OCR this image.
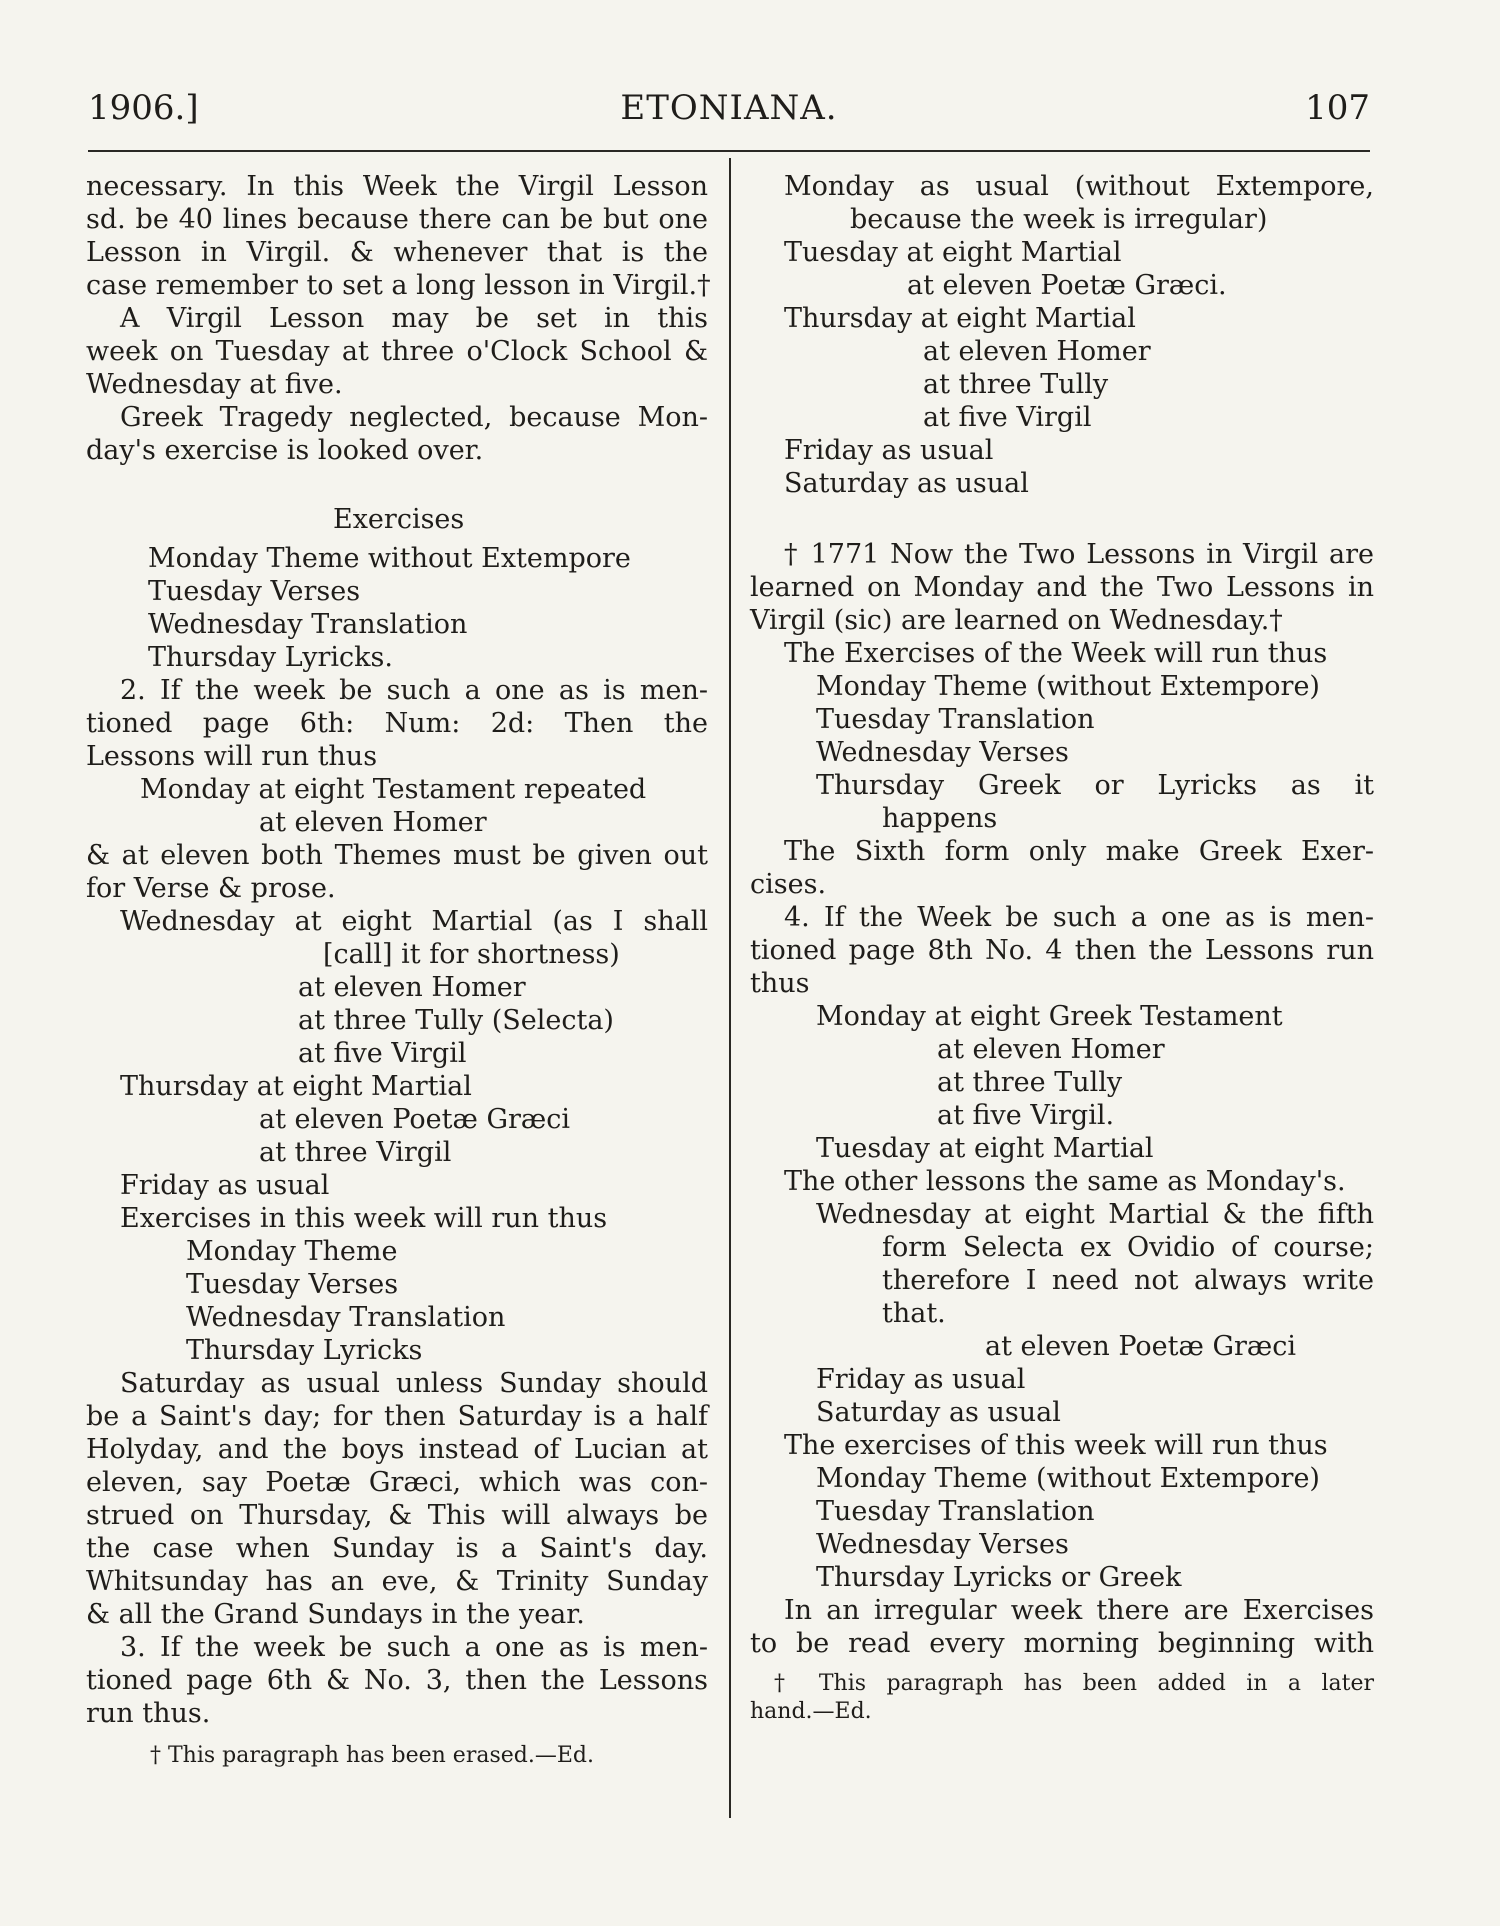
1906.]	ETONIANA.	107
necessary. In this Week the Virgil Lesson
sd. be 40 lines because there can be but one
Lesson in Virgil. & whenever that is the
case remember to set a long lesson in Virgil.†
A Virgil Lesson may be set in this
week on Tuesday at three o'Clock School &
Wednesday at five.
Greek Tragedy neglected, because Mon-
day's exercise is looked over.
Exercises
Monday Theme without Extempore
Tuesday Verses
Wednesday Translation
Thursday Lyricks.
2. If the week be such a one as is men-
tioned page 6th: Num: 2d: Then the
Lessons will run thus
Monday at eight Testament repeated
at eleven Homer
& at eleven both Themes must be given out
for Verse & prose.
Wednesday at eight Martial (as I shall
[call] it for shortness)
at eleven Homer
at three Tully (Selecta)
at five Virgil
Thursday at eight Martial
at eleven Poetæ Græci
at three Virgil
Friday as usual
Exercises in this week will run thus
Monday Theme
Tuesday Verses
Wednesday Translation
Thursday Lyricks
Saturday as usual unless Sunday should
be a Saint's day; for then Saturday is a half
Holyday, and the boys instead of Lucian at
eleven, say Poetæ Græci, which was con-
strued on Thursday, & This will always be
the case when Sunday is a Saint's day.
Whitsunday has an eve, & Trinity Sunday
& all the Grand Sundays in the year.
3. If the week be such a one as is men-
tioned page 6th & No. 3, then the Lessons
run thus.
† This paragraph has been erased.—Ed.
Monday as usual (without Extempore,
because the week is irregular)
Tuesday at eight Martial
at eleven Poetæ Græci.
Thursday at eight Martial
at eleven Homer
at three Tully
at five Virgil
Friday as usual
Saturday as usual
† 1771 Now the Two Lessons in Virgil are
learned on Monday and the Two Lessons in
Virgil (sic) are learned on Wednesday.†
The Exercises of the Week will run thus
Monday Theme (without Extempore)
Tuesday Translation
Wednesday Verses
Thursday Greek or Lyricks as it
happens
The Sixth form only make Greek Exer-
cises.
4. If the Week be such a one as is men-
tioned page 8th No. 4 then the Lessons run
thus
Monday at eight Greek Testament
at eleven Homer
at three Tully
at five Virgil.
Tuesday at eight Martial
The other lessons the same as Monday's.
Wednesday at eight Martial & the fifth
form Selecta ex Ovidio of course;
therefore I need not always write
that.
at eleven Poetæ Græci
Friday as usual
Saturday as usual
The exercises of this week will run thus
Monday Theme (without Extempore)
Tuesday Translation
Wednesday Verses
Thursday Lyricks or Greek
In an irregular week there are Exercises
to be read every morning beginning with
† This paragraph has been added in a later
hand.—Ed.
